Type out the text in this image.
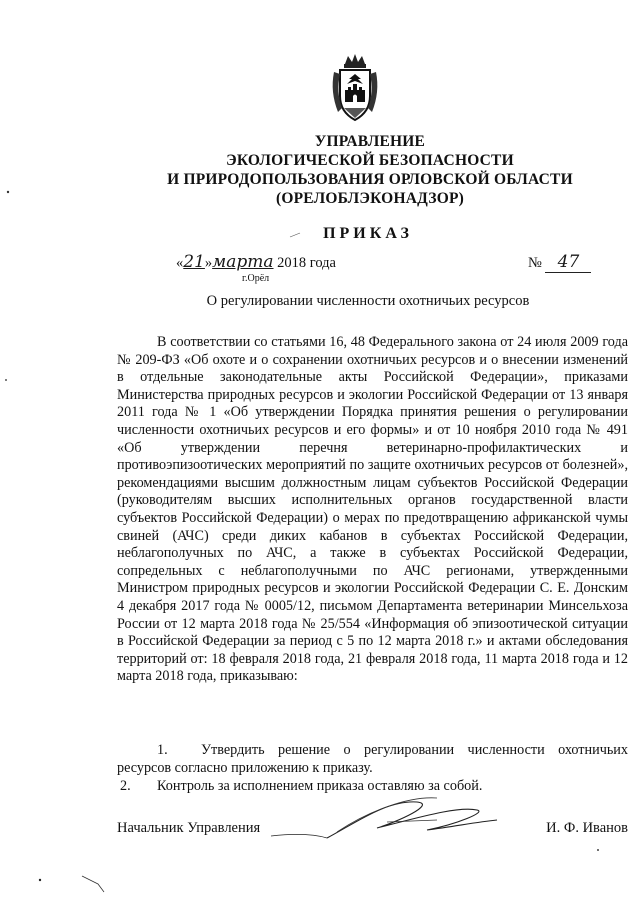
УПРАВЛЕНИЕ
ЭКОЛОГИЧЕСКОЙ БЕЗОПАСНОСТИ
И ПРИРОДОПОЛЬЗОВАНИЯ ОРЛОВСКОЙ ОБЛАСТИ
(ОРЕЛОБЛЭКОНАДЗОР)
ПРИКАЗ
«21»марта 2018 года
г.Орёл
№ 47
О регулировании численности охотничьих ресурсов

В соответствии со статьями 16, 48 Федерального закона от 24 июля 2009 года № 209-ФЗ «Об охоте и о сохранении охотничьих ресурсов и о внесении изменений в отдельные законодательные акты Российской Федерации», приказами Министерства природных ресурсов и экологии Российской Федерации от 13 января 2011 года № 1 «Об утверждении Порядка принятия решения о регулировании численности охотничьих ресурсов и его формы» и от 10 ноября 2010 года № 491 «Об утверждении перечня ветеринарно-профилактических и противоэпизоотических мероприятий по защите охотничьих ресурсов от болезней», рекомендациями высшим должностным лицам субъектов Российской Федерации (руководителям высших исполнительных органов государственной власти субъектов Российской Федерации) о мерах по предотвращению африканской чумы свиней (АЧС) среди диких кабанов в субъектах Российской Федерации, неблагополучных по АЧС, а также в субъектах Российской Федерации, сопредельных с неблагополучными по АЧС регионами, утвержденными Министром природных ресурсов и экологии Российской Федерации С. Е. Донским 4 декабря 2017 года № 0005/12, письмом Департамента ветеринарии Минсельхоза России от 12 марта 2018 года № 25/554 «Информация об эпизоотической ситуации в Российской Федерации за период с 5 по 12 марта 2018 г.» и актами обследования территорий от: 18 февраля 2018 года, 21 февраля 2018 года, 11 марта 2018 года и 12 марта 2018 года, приказываю:

1. Утвердить решение о регулировании численности охотничьих ресурсов согласно приложению к приказу.
2. Контроль за исполнением приказа оставляю за собой.
Начальник Управления	И. Ф. Иванов
